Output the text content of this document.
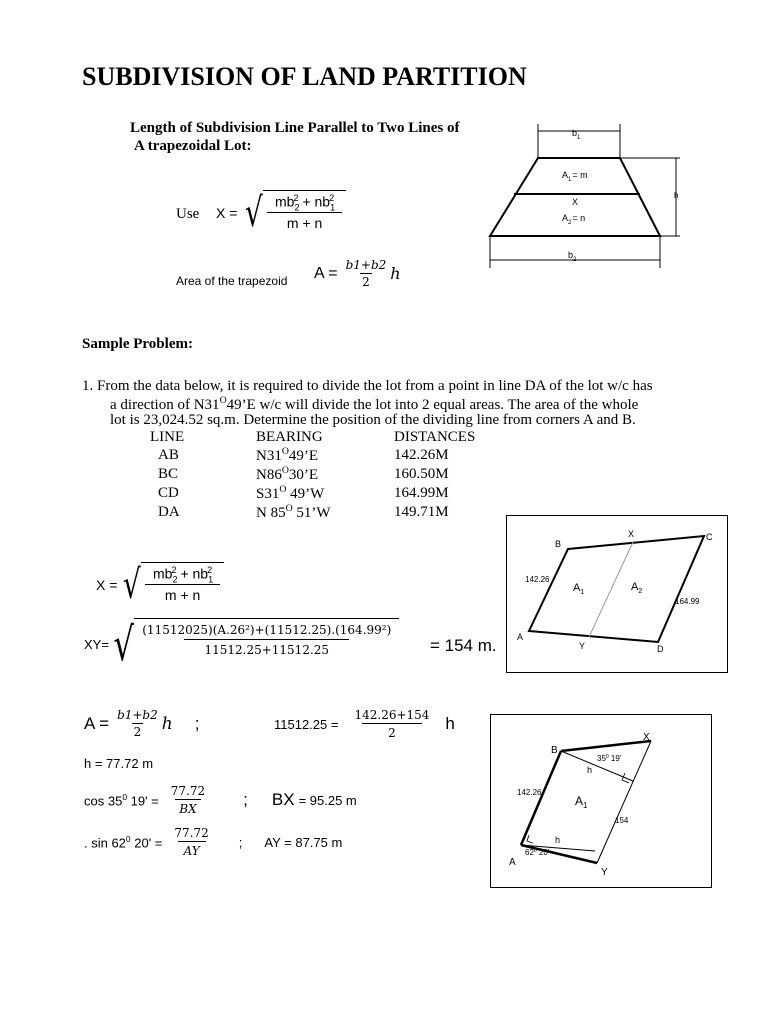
SUBDIVISION OF LAND PARTITION
Length of Subdivision Line Parallel to Two Lines of
A trapezoidal Lot:
Use X = √ $\frac{mb_2^2 + nb_1^2}{m + n}$
Area of the trapezoid $A = \frac{b1+b2}{2}$ h
$b_1$
$A_1= m$
X
$A_2= n$
h
$b_2$
Sample Problem:
1. From the data below, it is required to divide the lot from a point in line DA of the lot w/c has
a direction of $N31^O49’E$ w/c will divide the lot into 2 equal areas. The area of the whole
lot is 23,024.52 sq.m. Determine the position of the dividing line from corners A and B.
LINE	BEARING	DISTANCES
AB	$N31^O49’E$	142.26M
BC	$N86^O30’E$	160.50M
CD	$S31^O$ 49’W	164.99M
DA	N $85^O$ 51’W	149.71M
B
X	C
A
Y	D
142.26
164.99
$A_1$	$A_2$
X = √ $mb_2^2 + nb_1^2$
m + n
XY= √ (11512025)(A.26²)+(11512.25).(164.99²)
11512.25+11512.25	= 154 m.
$A = \frac{b1+b2}{2}$ h ;	$11512.25 = \frac{142.26+154}{2}$ h
h = 77.72 m
$\cos 35^0$ $19' = \frac{77.72}{BX}$ ; BX = 95.25 m
. $\sin 62^0$ $20' = \frac{77.72}{AY}$ ; AY = 87.75 m
B
X
A
Y
142.26
154
h
h
$35^0$ 19'
$62^0$ 20'
$A_1$
